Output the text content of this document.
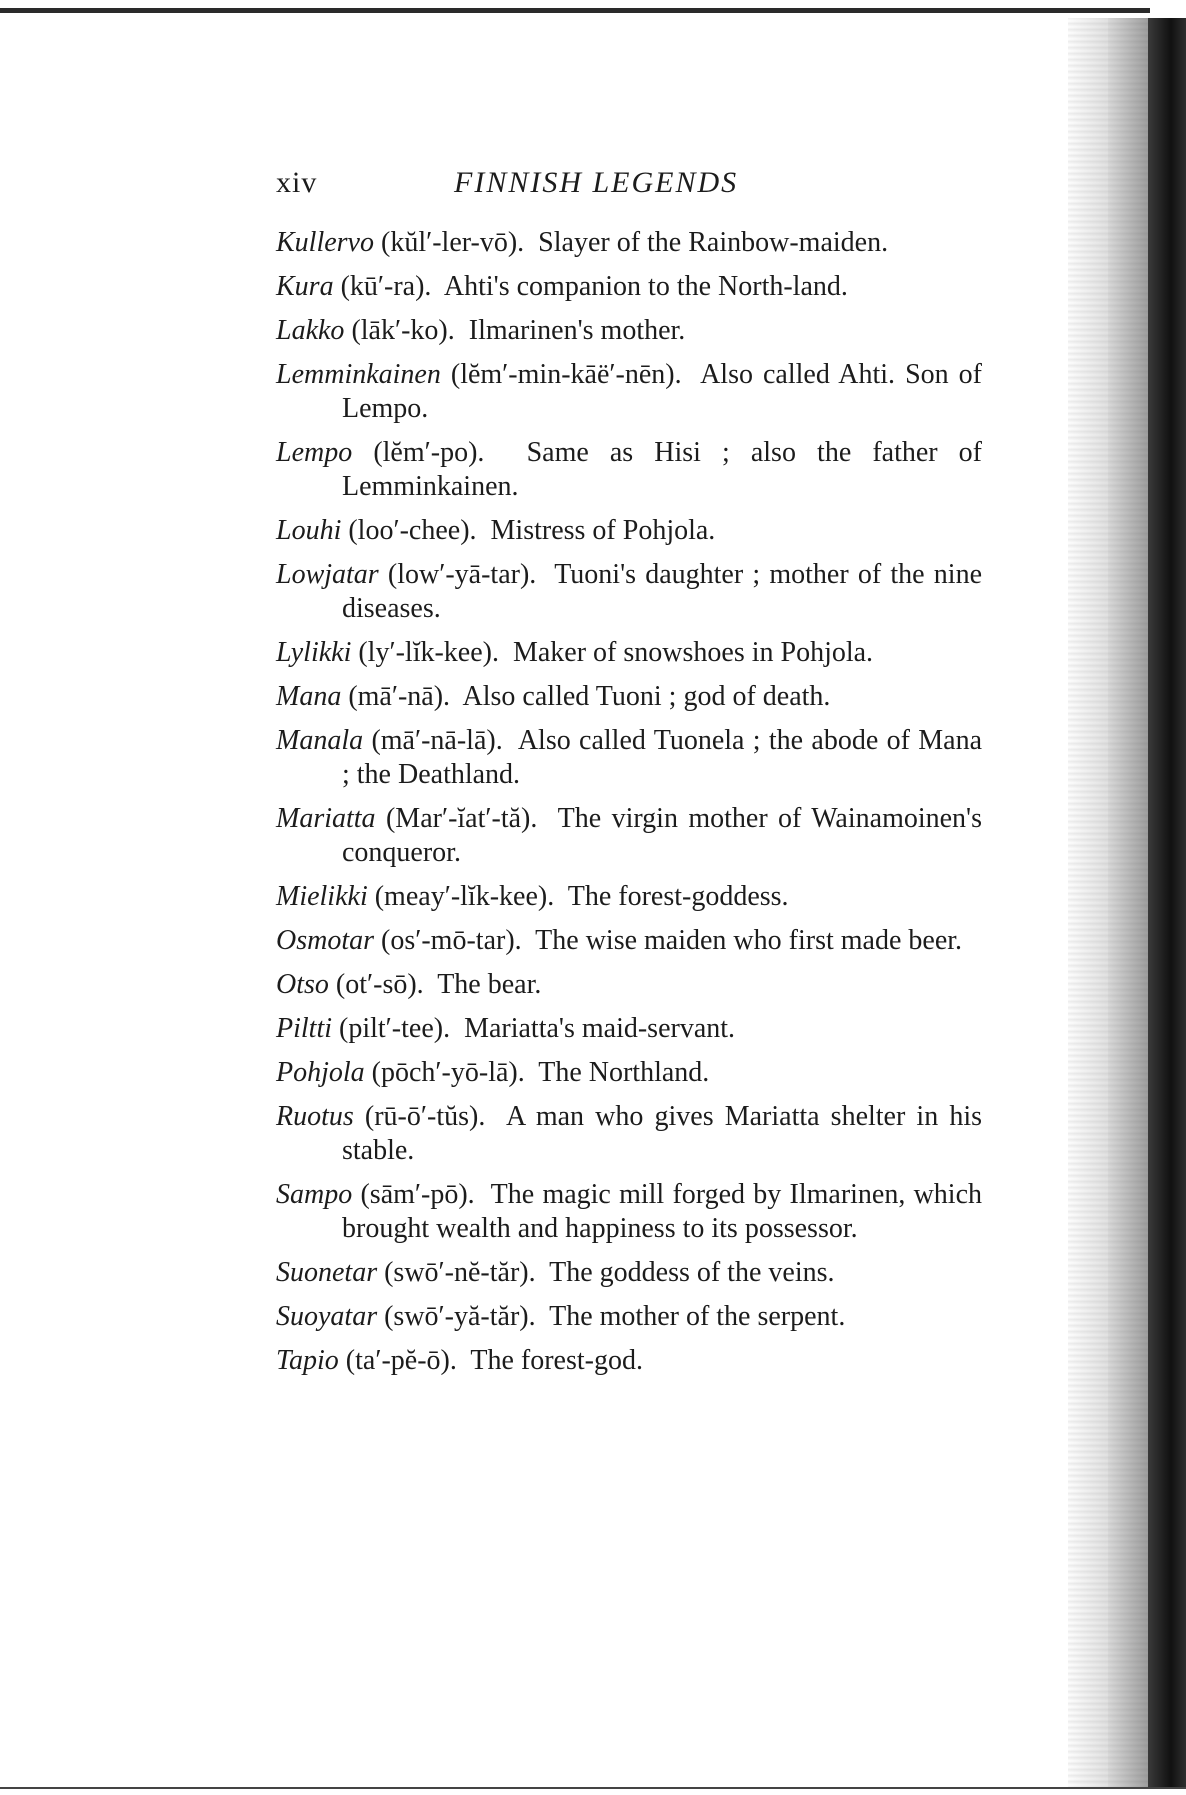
xiv	FINNISH LEGENDS
Kullervo (kŭl′-ler-vō). Slayer of the Rainbow-maiden.
Kura (kū′-ra). Ahti's companion to the North-land.
Lakko (lāk′-ko). Ilmarinen's mother.
Lemminkainen (lĕm′-min-kāë′-nēn). Also called Ahti. Son of Lempo.
Lempo (lĕm′-po). Same as Hisi ; also the father of Lemminkainen.
Louhi (loo′-chee). Mistress of Pohjola.
Lowjatar (low′-yā-tar). Tuoni's daughter ; mother of the nine diseases.
Lylikki (ly′-lĭk-kee). Maker of snowshoes in Pohjola.
Mana (mā′-nā). Also called Tuoni ; god of death.
Manala (mā′-nā-lā). Also called Tuonela ; the abode of Mana ; the Deathland.
Mariatta (Mar′-ĭat′-tă). The virgin mother of Wainamoinen's conqueror.
Mielikki (meay′-lĭk-kee). The forest-goddess.
Osmotar (os′-mō-tar). The wise maiden who first made beer.
Otso (ot′-sō). The bear.
Piltti (pilt′-tee). Mariatta's maid-servant.
Pohjola (pōch′-yō-lā). The Northland.
Ruotus (rū-ō′-tŭs). A man who gives Mariatta shelter in his stable.
Sampo (sām′-pō). The magic mill forged by Ilmarinen, which brought wealth and happiness to its possessor.
Suonetar (swō′-nĕ-tăr). The goddess of the veins.
Suoyatar (swō′-yă-tăr). The mother of the serpent.
Tapio (ta′-pĕ-ō). The forest-god.
